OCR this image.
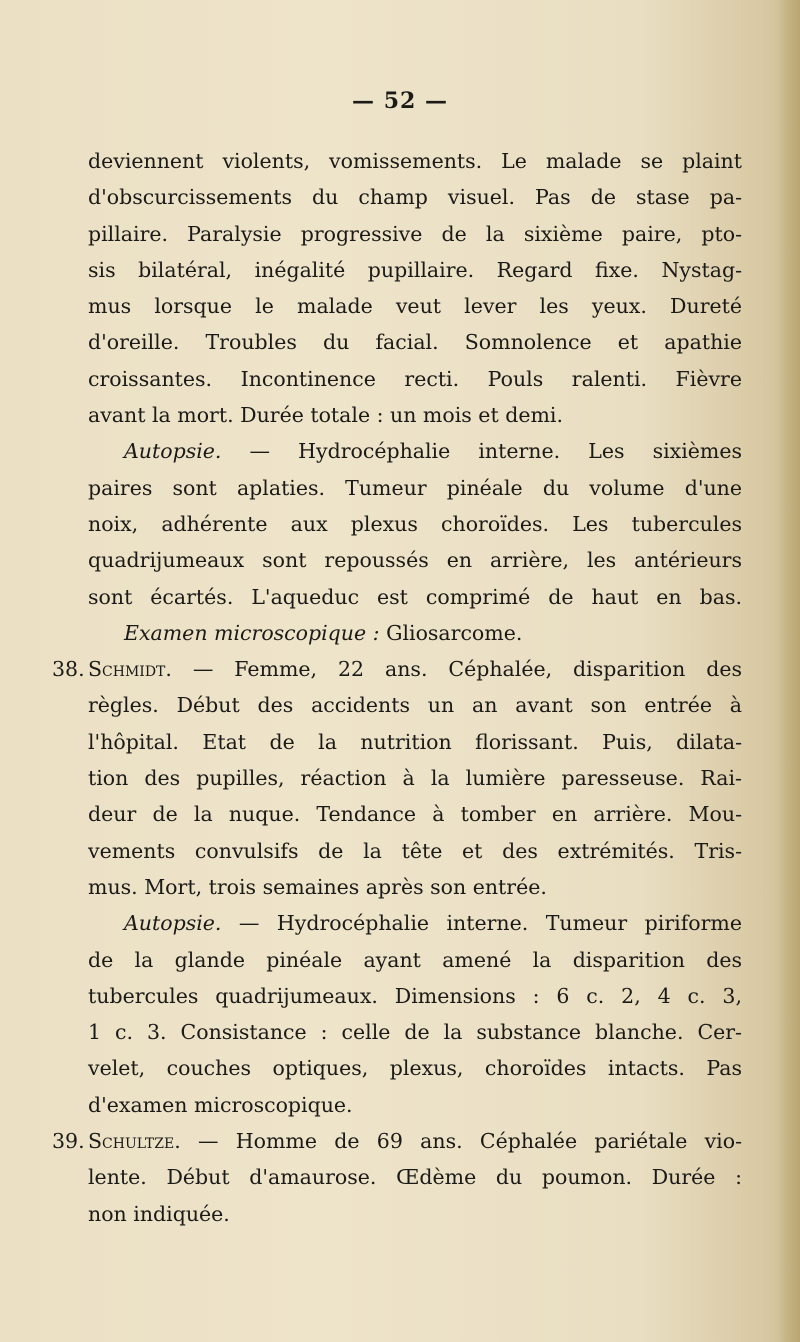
— 52 —
deviennent violents, vomissements. Le malade se plaint
d'obscurcissements du champ visuel. Pas de stase pa-
pillaire. Paralysie progressive de la sixième paire, pto-
sis bilatéral, inégalité pupillaire. Regard fixe. Nystag-
mus lorsque le malade veut lever les yeux. Dureté
d'oreille. Troubles du facial. Somnolence et apathie
croissantes. Incontinence recti. Pouls ralenti. Fièvre
avant la mort. Durée totale : un mois et demi.
Autopsie. — Hydrocéphalie interne. Les sixièmes
paires sont aplaties. Tumeur pinéale du volume d'une
noix, adhérente aux plexus choroïdes. Les tubercules
quadrijumeaux sont repoussés en arrière, les antérieurs
sont écartés. L'aqueduc est comprimé de haut en bas.
Examen microscopique : Gliosarcome.
38. Schmidt. — Femme, 22 ans. Céphalée, disparition des
règles. Début des accidents un an avant son entrée à
l'hôpital. Etat de la nutrition florissant. Puis, dilata-
tion des pupilles, réaction à la lumière paresseuse. Rai-
deur de la nuque. Tendance à tomber en arrière. Mou-
vements convulsifs de la tête et des extrémités. Tris-
mus. Mort, trois semaines après son entrée.
Autopsie. — Hydrocéphalie interne. Tumeur piriforme
de la glande pinéale ayant amené la disparition des
tubercules quadrijumeaux. Dimensions : 6 c. 2, 4 c. 3,
1 c. 3. Consistance : celle de la substance blanche. Cer-
velet, couches optiques, plexus, choroïdes intacts. Pas
d'examen microscopique.
39. Schultze. — Homme de 69 ans. Céphalée pariétale vio-
lente. Début d'amaurose. Œdème du poumon. Durée :
non indiquée.
